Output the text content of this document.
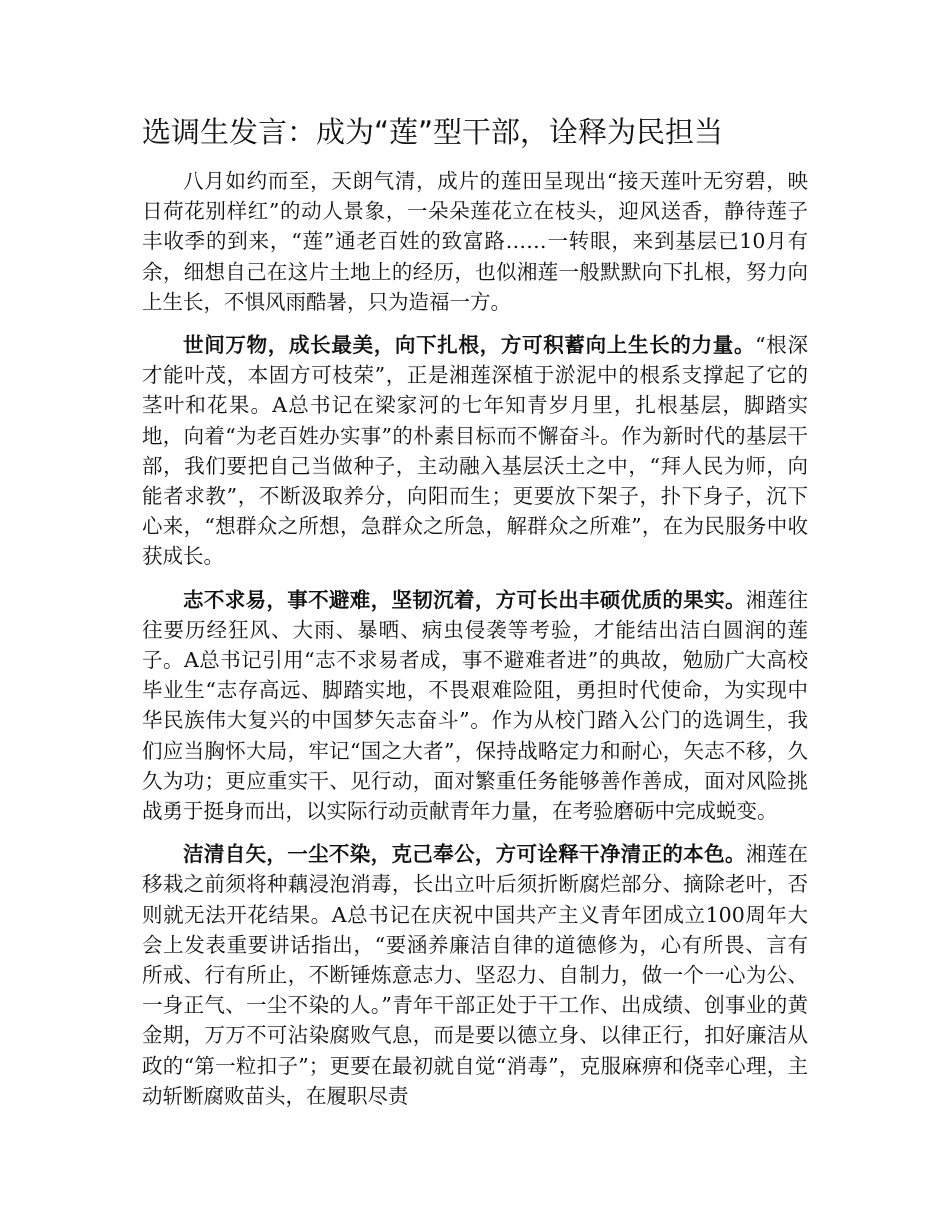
选调生发言：成为“莲”型干部，诠释为民担当

八月如约而至，天朗气清，成片的莲田呈现出“接天莲叶无穷碧，映日荷花别样红”的动人景象，一朵朵莲花立在枝头，迎风送香，静待莲子丰收季的到来，“莲”通老百姓的致富路……一转眼，来到基层已10月有余，细想自己在这片土地上的经历，也似湘莲一般默默向下扎根，努力向上生长，不惧风雨酷暑，只为造福一方。

世间万物，成长最美，向下扎根，方可积蓄向上生长的力量。“根深才能叶茂，本固方可枝荣”，正是湘莲深植于淤泥中的根系支撑起了它的茎叶和花果。A总书记在梁家河的七年知青岁月里，扎根基层，脚踏实地，向着“为老百姓办实事”的朴素目标而不懈奋斗。作为新时代的基层干部，我们要把自己当做种子，主动融入基层沃土之中，“拜人民为师，向能者求教”，不断汲取养分，向阳而生；更要放下架子，扑下身子，沉下心来，“想群众之所想，急群众之所急，解群众之所难”，在为民服务中收获成长。

志不求易，事不避难，坚韧沉着，方可长出丰硕优质的果实。湘莲往往要历经狂风、大雨、暴晒、病虫侵袭等考验，才能结出洁白圆润的莲子。A总书记引用“志不求易者成，事不避难者进”的典故，勉励广大高校毕业生“志存高远、脚踏实地，不畏艰难险阻，勇担时代使命，为实现中华民族伟大复兴的中国梦矢志奋斗”。作为从校门踏入公门的选调生，我们应当胸怀大局，牢记“国之大者”，保持战略定力和耐心，矢志不移，久久为功；更应重实干、见行动，面对繁重任务能够善作善成，面对风险挑战勇于挺身而出，以实际行动贡献青年力量，在考验磨砺中完成蜕变。

洁清自矢，一尘不染，克己奉公，方可诠释干净清正的本色。湘莲在移栽之前须将种藕浸泡消毒，长出立叶后须折断腐烂部分、摘除老叶，否则就无法开花结果。A总书记在庆祝中国共产主义青年团成立100周年大会上发表重要讲话指出，“要涵养廉洁自律的道德修为，心有所畏、言有所戒、行有所止，不断锤炼意志力、坚忍力、自制力，做一个一心为公、一身正气、一尘不染的人。”青年干部正处于干工作、出成绩、创事业的黄金期，万万不可沾染腐败气息，而是要以德立身、以律正行，扣好廉洁从政的“第一粒扣子”；更要在最初就自觉“消毒”，克服麻痹和侥幸心理，主动斩断腐败苗头，在履职尽责
